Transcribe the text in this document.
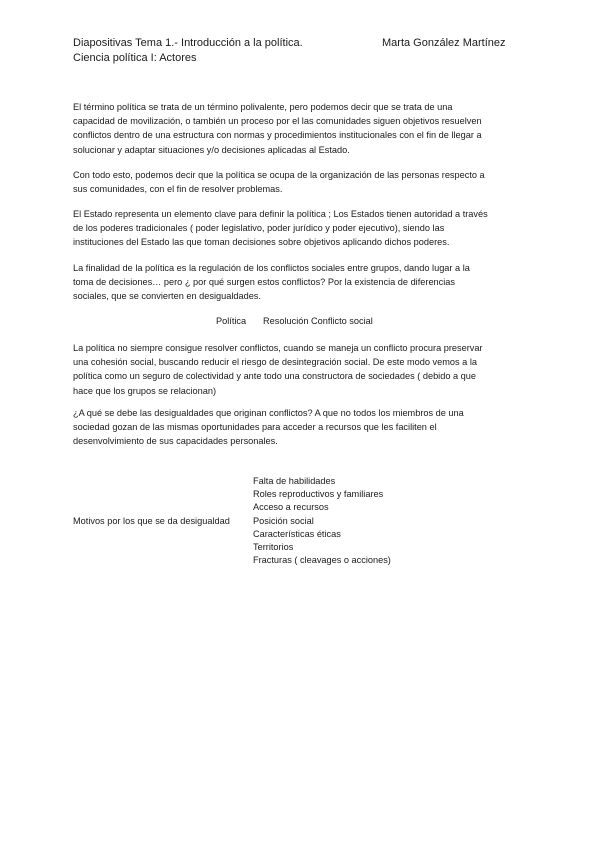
Diapositivas Tema 1.- Introducción a la política.	Marta González Martínez
Ciencia política I: Actores
El término política se trata de un término polivalente, pero podemos decir que se trata de una
capacidad de movilización, o también un proceso por el las comunidades siguen objetivos resuelven
conflictos dentro de una estructura con normas y procedimientos institucionales con el fin de llegar a
solucionar y adaptar situaciones y/o decisiones aplicadas al Estado.
Con todo esto, podemos decir que la política se ocupa de la organización de las personas respecto a
sus comunidades, con el fin de resolver problemas.
El Estado representa un elemento clave para definir la política ; Los Estados tienen autoridad a través
de los poderes tradicionales ( poder legislativo, poder jurídico y poder ejecutivo), siendo las
instituciones del Estado las que toman decisiones sobre objetivos aplicando dichos poderes.
La finalidad de la política es la regulación de los conflictos sociales entre grupos, dando lugar a la
toma de decisiones… pero ¿ por qué surgen estos conflictos? Por la existencia de diferencias
sociales, que se convierten en desigualdades.
Política Resolución Conflicto social
La política no siempre consigue resolver conflictos, cuando se maneja un conflicto procura preservar
una cohesión social, buscando reducir el riesgo de desintegración social. De este modo vemos a la
política como un seguro de colectividad y ante todo una constructora de sociedades ( debido a que
hace que los grupos se relacionan)
¿A qué se debe las desigualdades que originan conflictos? A que no todos los miembros de una
sociedad gozan de las mismas oportunidades para acceder a recursos que les faciliten el
desenvolvimiento de sus capacidades personales.
Motivos por los que se da desigualdad
Falta de habilidades
Roles reproductivos y familiares
Acceso a recursos
Posición social
Características éticas
Territorios
Fracturas ( cleavages o acciones)
